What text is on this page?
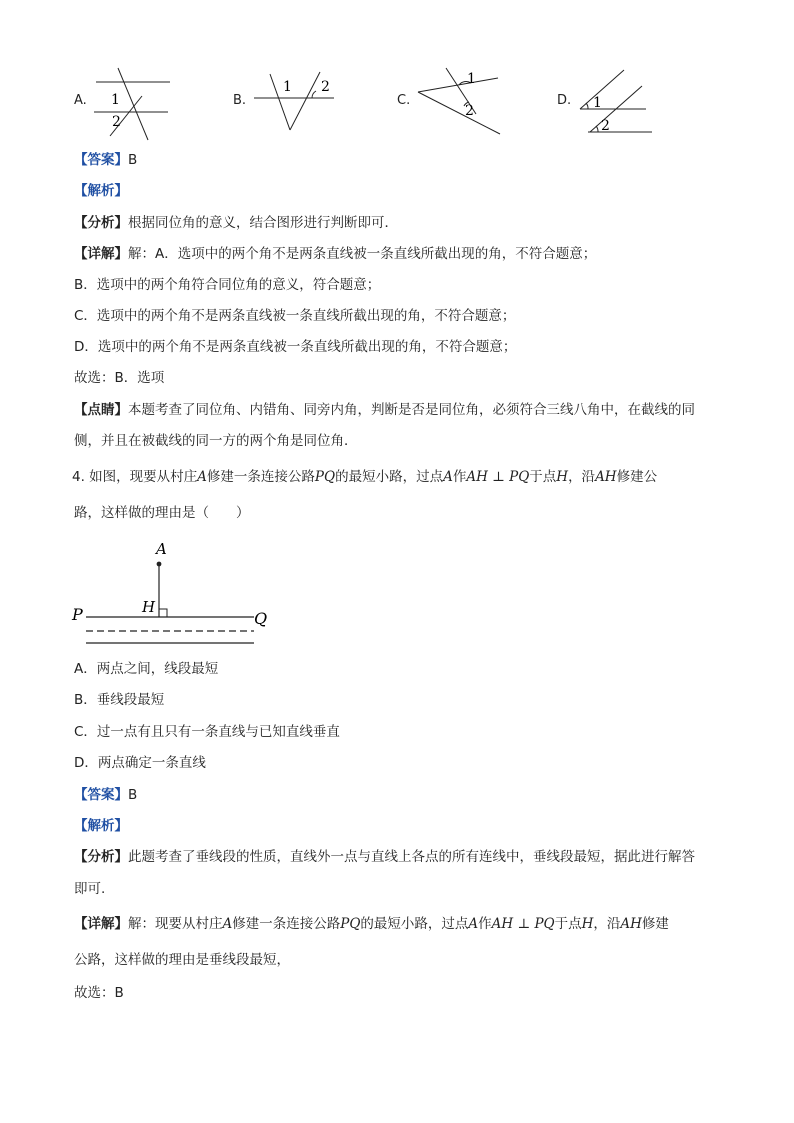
A. 1
2
B.
1 2
C.
1
2
D. 1
2
【答案】B
【解析】
【分析】根据同位角的意义，结合图形进行判断即可．
【详解】解：A．选项中的两个角不是两条直线被一条直线所截出现的角，不符合题意；
B．选项中的两个角符合同位角的意义，符合题意；
C．选项中的两个角不是两条直线被一条直线所截出现的角，不符合题意；
D．选项中的两个角不是两条直线被一条直线所截出现的角，不符合题意；
故选：B．选项
【点睛】本题考查了同位角、内错角、同旁内角，判断是否是同位角，必须符合三线八角中，在截线的同
侧，并且在被截线的同一方的两个角是同位角．
4. 如图，现要从村庄A修建一条连接公路PQ的最短小路，过点A作AH ⊥ PQ于点H，沿AH修建公
路，这样做的理由是（　　）
A
H
P	Q
A．两点之间，线段最短
B．垂线段最短
C．过一点有且只有一条直线与已知直线垂直
D．两点确定一条直线
【答案】B
【解析】
【分析】此题考查了垂线段的性质，直线外一点与直线上各点的所有连线中，垂线段最短，据此进行解答
即可.
【详解】解：现要从村庄A修建一条连接公路PQ的最短小路，过点A作AH ⊥ PQ于点H，沿AH修建
公路，这样做的理由是垂线段最短，
故选：B
